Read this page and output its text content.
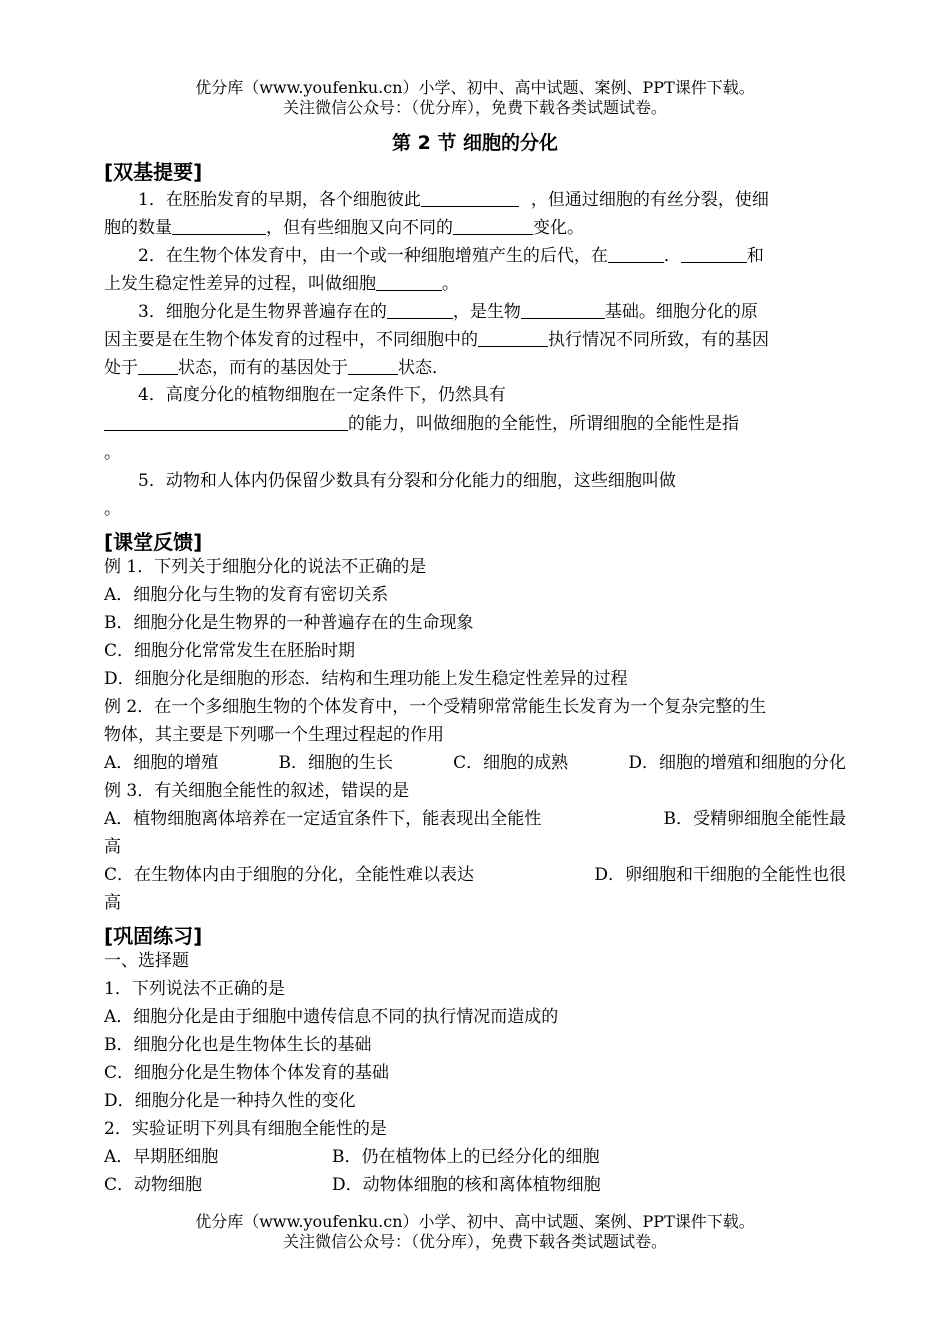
优分库（www.youfenku.cn）小学、初中、高中试题、案例、PPT课件下载。
关注微信公众号：（优分库），免费下载各类试题试卷。
第 2 节 细胞的分化
[双基提要]
1．在胚胎发育的早期，各个细胞彼此	，但通过细胞的有丝分裂，使细
胞的数量	，但有些细胞又向不同的	变化。
2．在生物个体发育中，由一个或一种细胞增殖产生的后代，在	．	和
上发生稳定性差异的过程，叫做细胞	。
3．细胞分化是生物界普遍存在的	，是生物	基础。细胞分化的原
因主要是在生物个体发育的过程中，不同细胞中的	执行情况不同所致，有的基因
处于 状态，而有的基因处于	状态．
4．高度分化的植物细胞在一定条件下，仍然具有
的能力，叫做细胞的全能性，所谓细胞的全能性是指
。
5．动物和人体内仍保留少数具有分裂和分化能力的细胞，这些细胞叫做
。
[课堂反馈]
例 1．下列关于细胞分化的说法不正确的是
A．细胞分化与生物的发育有密切关系
B．细胞分化是生物界的一种普遍存在的生命现象
C．细胞分化常常发生在胚胎时期
D．细胞分化是细胞的形态．结构和生理功能上发生稳定性差异的过程
例 2．在一个多细胞生物的个体发育中，一个受精卵常常能生长发育为一个复杂完整的生
物体，其主要是下列哪一个生理过程起的作用
A．细胞的增殖	B．细胞的生长	C．细胞的成熟	D．细胞的增殖和细胞的分化
例 3．有关细胞全能性的叙述，错误的是
A．植物细胞离体培养在一定适宜条件下，能表现出全能性	B．受精卵细胞全能性最
高
C．在生物体内由于细胞的分化，全能性难以表达	D．卵细胞和干细胞的全能性也很
高
[巩固练习]
一、选择题
1．下列说法不正确的是
A．细胞分化是由于细胞中遗传信息不同的执行情况而造成的
B．细胞分化也是生物体生长的基础
C．细胞分化是生物体个体发育的基础
D．细胞分化是一种持久性的变化
2．实验证明下列具有细胞全能性的是
A．早期胚细胞	B．仍在植物体上的已经分化的细胞
C．动物细胞	D．动物体细胞的核和离体植物细胞
优分库（www.youfenku.cn）小学、初中、高中试题、案例、PPT课件下载。
关注微信公众号：（优分库），免费下载各类试题试卷。
